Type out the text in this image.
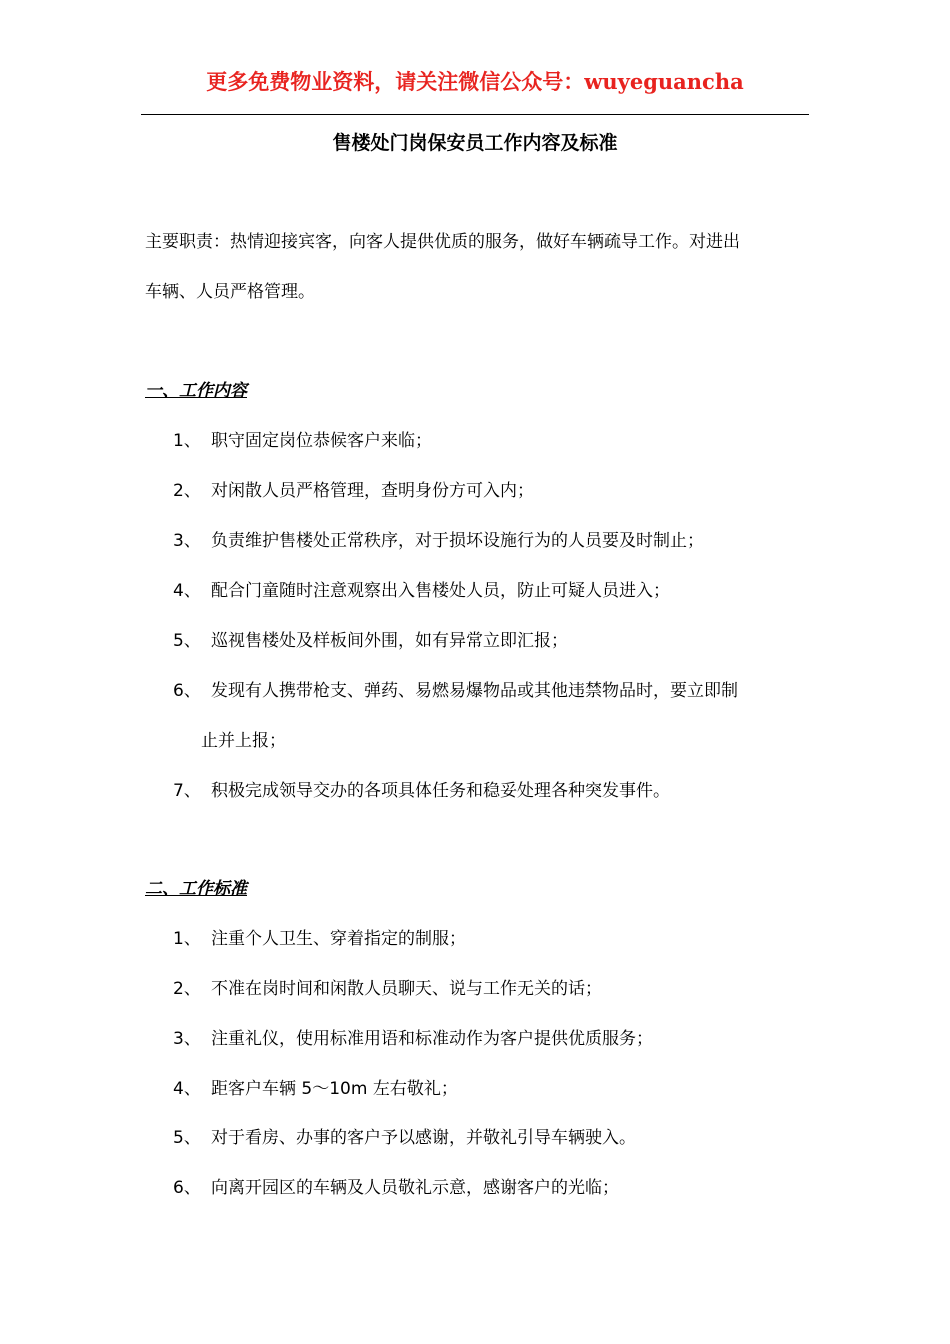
更多免费物业资料，请关注微信公众号：wuyeguancha
售楼处门岗保安员工作内容及标准
主要职责：热情迎接宾客，向客人提供优质的服务，做好车辆疏导工作。对进出
车辆、人员严格管理。
一、工作内容
1、 职守固定岗位恭候客户来临；
2、 对闲散人员严格管理，查明身份方可入内；
3、 负责维护售楼处正常秩序，对于损坏设施行为的人员要及时制止；
4、 配合门童随时注意观察出入售楼处人员，防止可疑人员进入；
5、 巡视售楼处及样板间外围，如有异常立即汇报；
6、 发现有人携带枪支、弹药、易燃易爆物品或其他违禁物品时，要立即制
止并上报；
7、 积极完成领导交办的各项具体任务和稳妥处理各种突发事件。
二、工作标准
1、 注重个人卫生、穿着指定的制服；
2、 不准在岗时间和闲散人员聊天、说与工作无关的话；
3、 注重礼仪，使用标准用语和标准动作为客户提供优质服务；
4、 距客户车辆 5～10m 左右敬礼；
5、 对于看房、办事的客户予以感谢，并敬礼引导车辆驶入。
6、 向离开园区的车辆及人员敬礼示意，感谢客户的光临；
